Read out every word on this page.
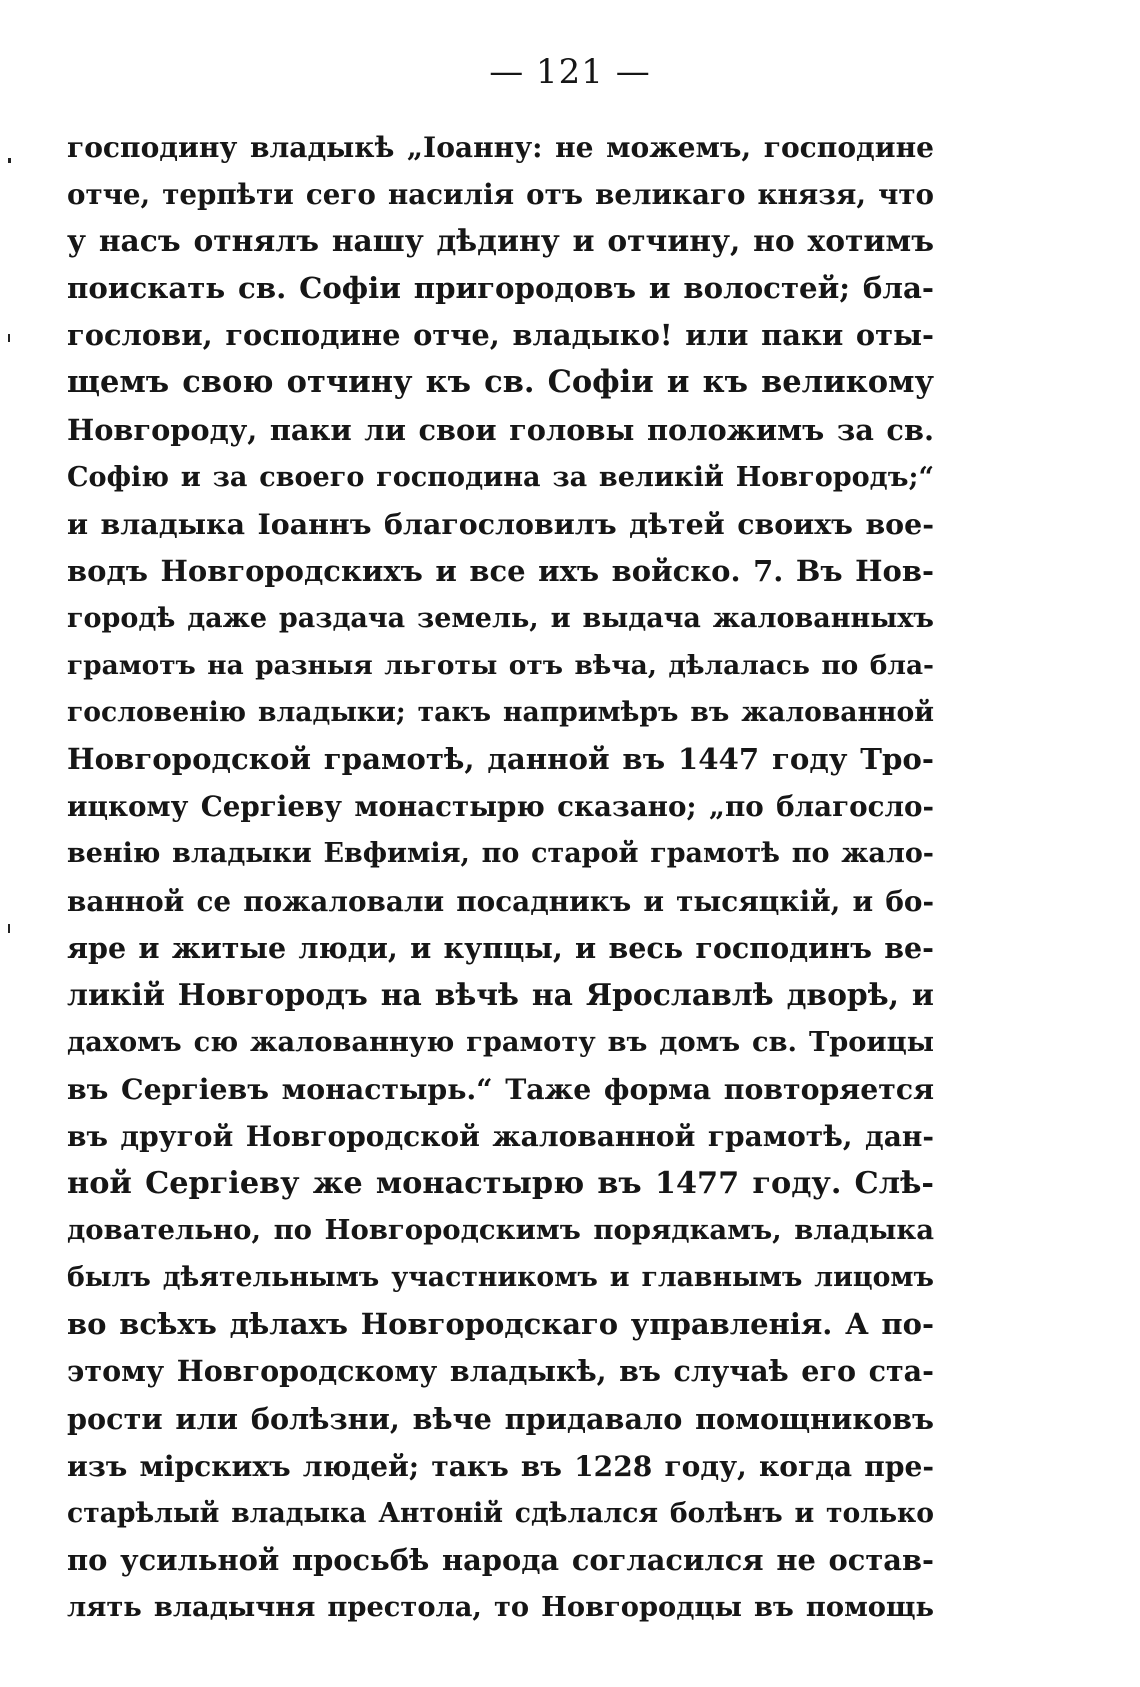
— 121 —
господину владыкѣ „Іоанну: не можемъ, господине
отче, терпѣти сего насилія отъ великаго князя, что
у насъ отнялъ нашу дѣдину и отчину, но хотимъ
поискать св. Софіи пригородовъ и волостей; бла-
гослови, господине отче, владыко! или паки оты-
щемъ свою отчину къ св. Софіи и къ великому
Новгороду, паки ли свои головы положимъ за св.
Софію и за своего господина за великій Новгородъ;“
и владыка Іоаннъ благословилъ дѣтей своихъ вое-
водъ Новгородскихъ и все ихъ войско. 7. Въ Нов-
городѣ даже раздача земель, и выдача жалованныхъ
грамотъ на разныя льготы отъ вѣча, дѣлалась по бла-
гословенію владыки; такъ напримѣръ въ жалованной
Новгородской грамотѣ, данной въ 1447 году Тро-
ицкому Сергіеву монастырю сказано; „по благосло-
венію владыки Евфимія, по старой грамотѣ по жало-
ванной се пожаловали посадникъ и тысяцкій, и бо-
яре и житые люди, и купцы, и весь господинъ ве-
ликій Новгородъ на вѣчѣ на Ярославлѣ дворѣ, и
дахомъ сю жалованную грамоту въ домъ св. Троицы
въ Сергіевъ монастырь.“ Таже форма повторяется
въ другой Новгородской жалованной грамотѣ, дан-
ной Сергіеву же монастырю въ 1477 году. Слѣ-
довательно, по Новгородскимъ порядкамъ, владыка
былъ дѣятельнымъ участникомъ и главнымъ лицомъ
во всѣхъ дѣлахъ Новгородскаго управленія. А по-
этому Новгородскому владыкѣ, въ случаѣ его ста-
рости или болѣзни, вѣче придавало помощниковъ
изъ мірскихъ людей; такъ въ 1228 году, когда пре-
старѣлый владыка Антоній сдѣлался болѣнъ и только
по усильной просьбѣ народа согласился не остав-
лять владычня престола, то Новгородцы въ помощь
